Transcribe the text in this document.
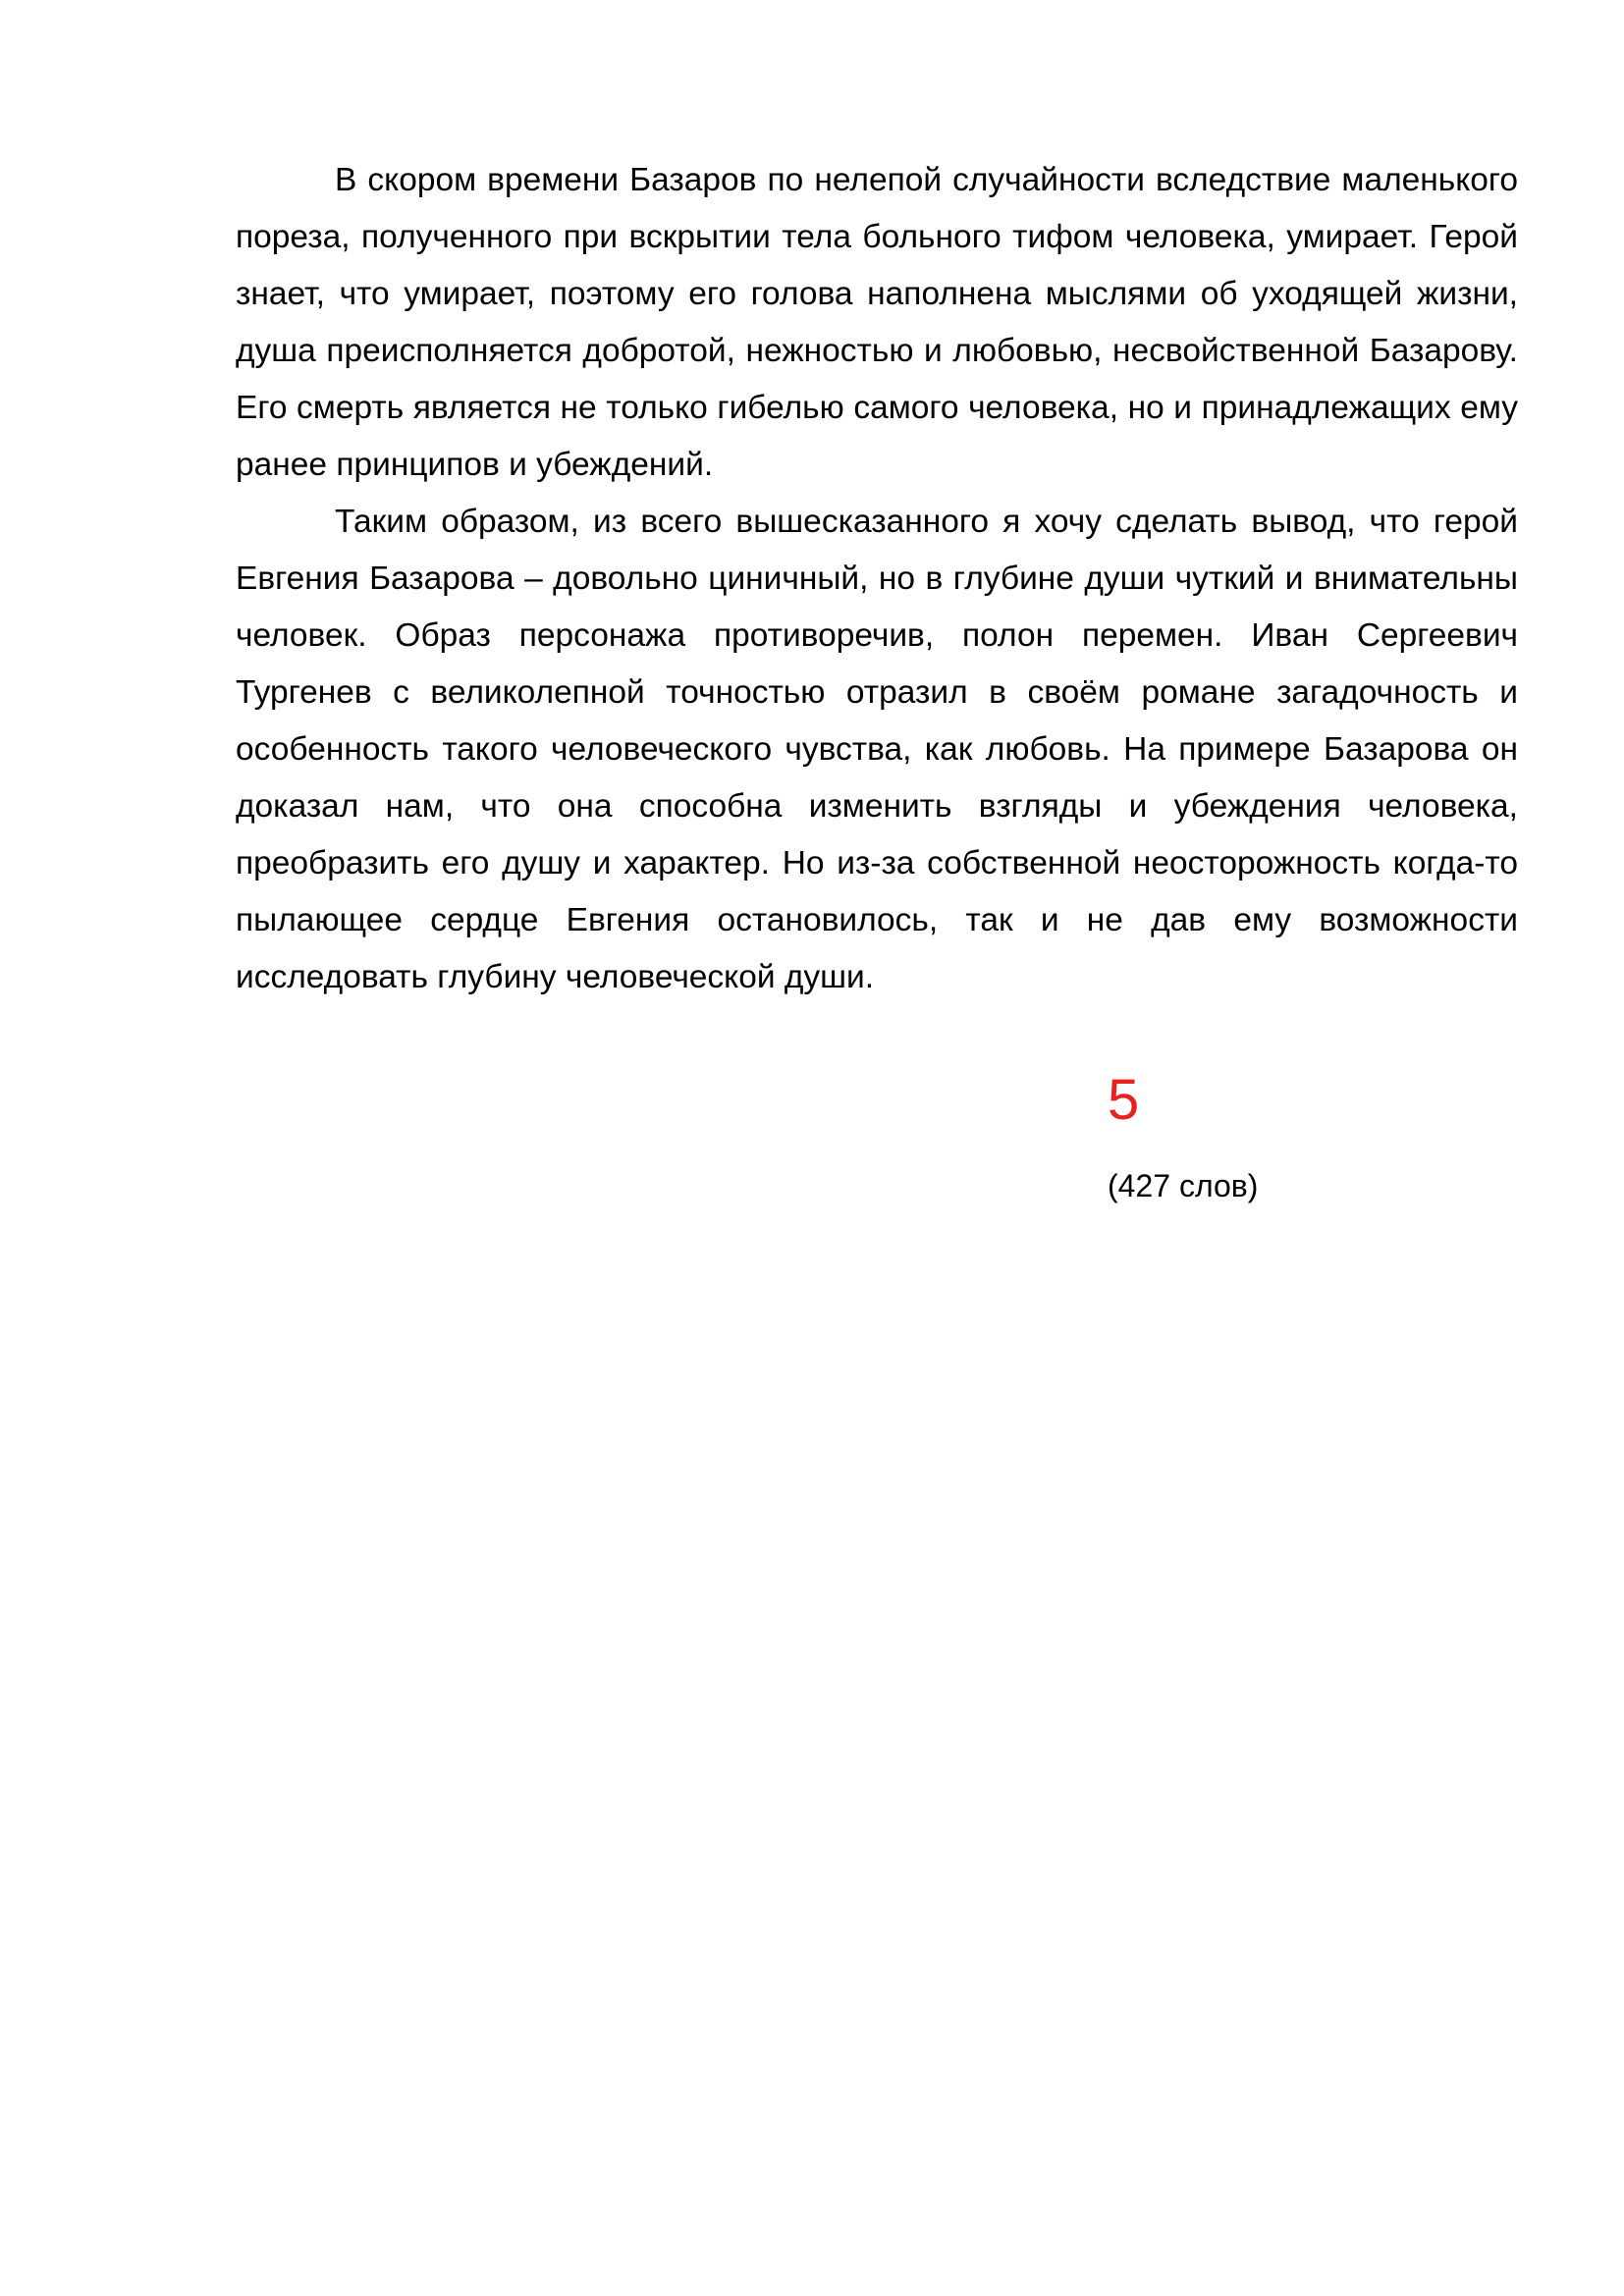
В скором времени Базаров по нелепой случайности вследствие маленького пореза, полученного при вскрытии тела больного тифом человека, умирает. Герой знает, что умирает, поэтому его голова наполнена мыслями об уходящей жизни, душа преисполняется добротой, нежностью и любовью, несвойственной Базарову. Его смерть является не только гибелью самого человека, но и принадлежащих ему ранее принципов и убеждений.

Таким образом, из всего вышесказанного я хочу сделать вывод, что герой Евгения Базарова – довольно циничный, но в глубине души чуткий и внимательны человек. Образ персонажа противоречив, полон перемен. Иван Сергеевич Тургенев с великолепной точностью отразил в своём романе загадочность и особенность такого человеческого чувства, как любовь. На примере Базарова он доказал нам, что она способна изменить взгляды и убеждения человека, преобразить его душу и характер. Но из-за собственной неосторожность когда-то пылающее сердце Евгения остановилось, так и не дав ему возможности исследовать глубину человеческой души.

5
(427 слов)
